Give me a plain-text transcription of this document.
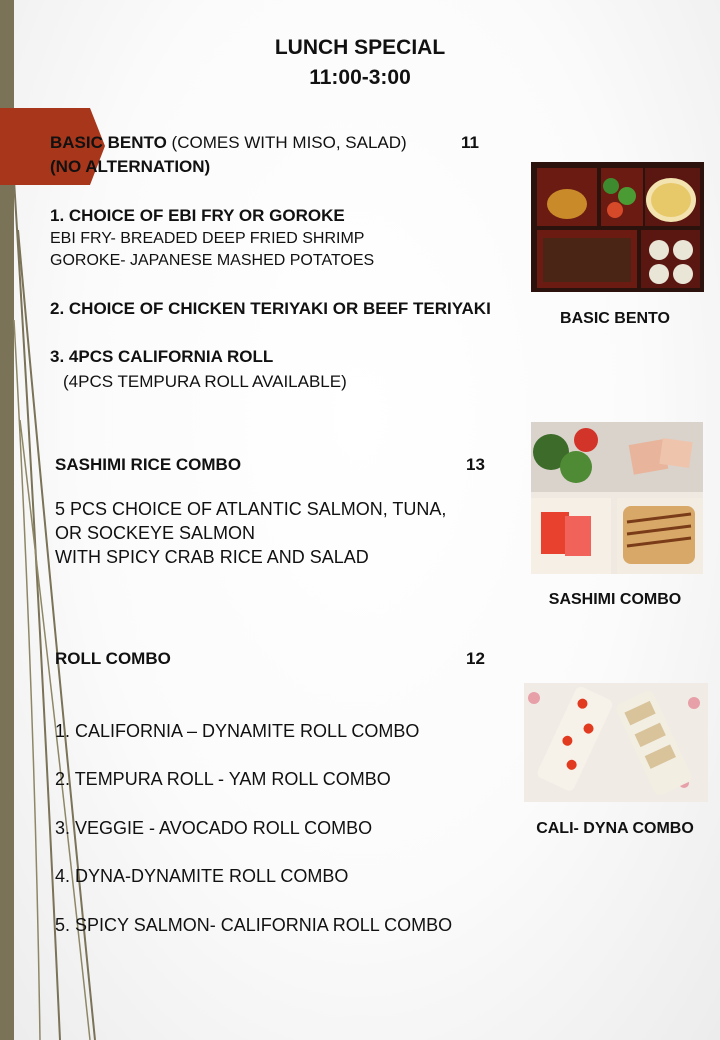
LUNCH SPECIAL
11:00-3:00
BASIC BENTO (COMES WITH MISO, SALAD)	11
(NO ALTERNATION)
1. CHOICE OF EBI FRY OR GOROKE
EBI FRY- BREADED DEEP FRIED SHRIMP
GOROKE- JAPANESE MASHED POTATOES
2. CHOICE OF CHICKEN TERIYAKI OR BEEF TERIYAKI
3. 4PCS CALIFORNIA ROLL
(4PCS TEMPURA ROLL AVAILABLE)
BASIC BENTO
SASHIMI RICE COMBO	13
5 PCS CHOICE OF ATLANTIC SALMON, TUNA,
OR SOCKEYE SALMON
WITH SPICY CRAB RICE AND SALAD
SASHIMI COMBO
ROLL COMBO	12
1. CALIFORNIA – DYNAMITE ROLL COMBO
2. TEMPURA ROLL - YAM ROLL COMBO
3. VEGGIE - AVOCADO ROLL COMBO
4. DYNA-DYNAMITE ROLL COMBO
5. SPICY SALMON- CALIFORNIA ROLL COMBO
CALI- DYNA COMBO
